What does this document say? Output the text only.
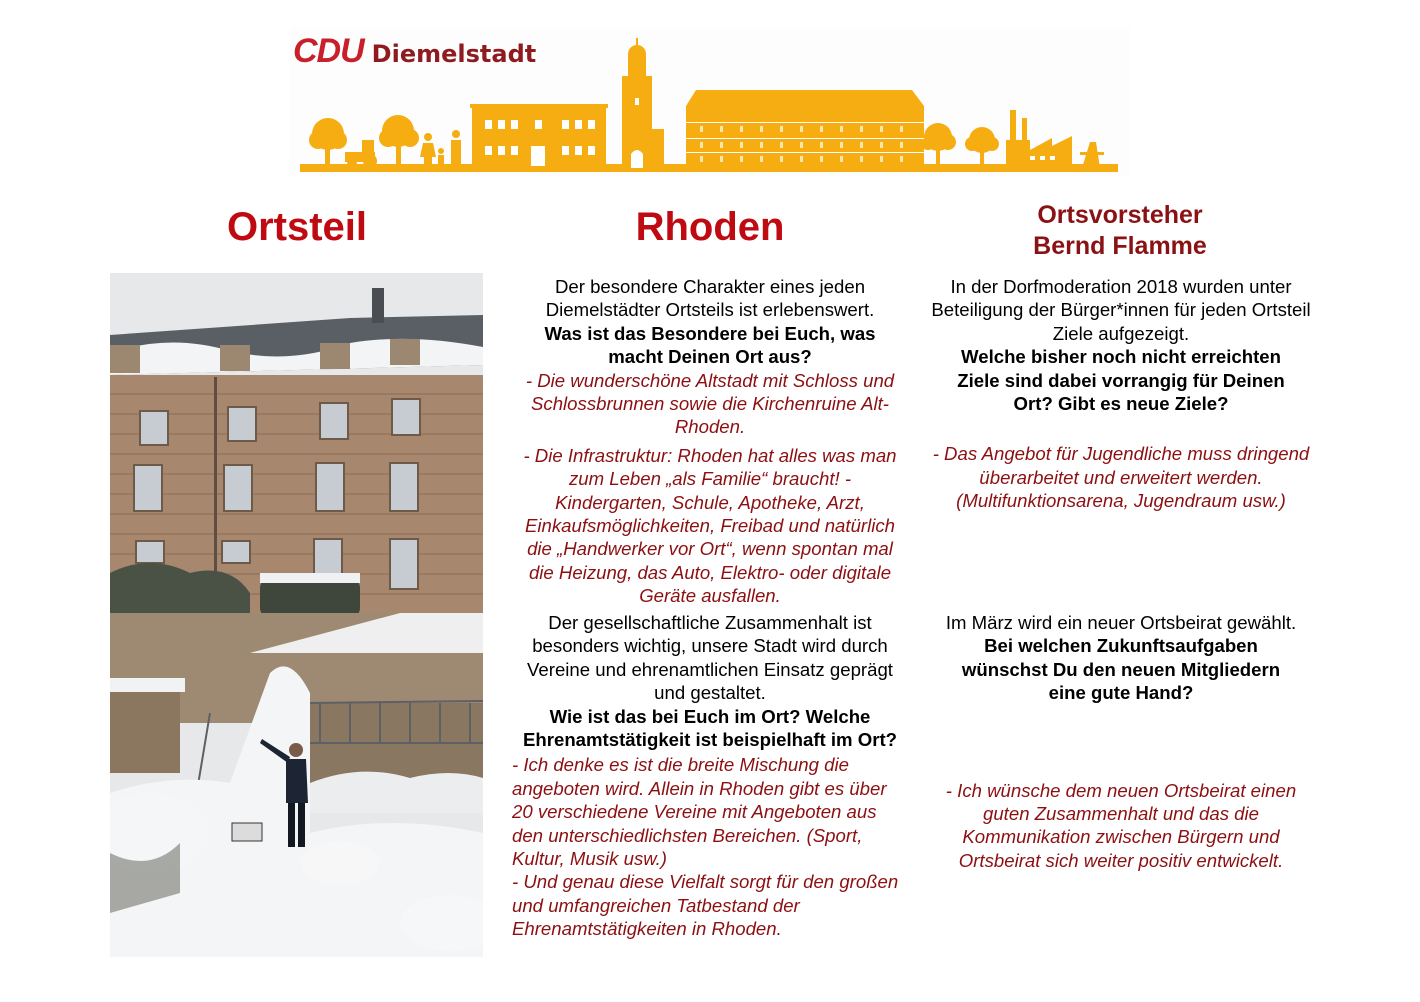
CDU Diemelstadt
Ortsteil	Rhoden	Ortsvorsteher
Bernd Flamme

Der besondere Charakter eines jeden Diemelstädter Ortsteils ist erlebenswert.

Was ist das Besondere bei Euch, was macht Deinen Ort aus?

- Die wunderschöne Altstadt mit Schloss und Schlossbrunnen sowie die Kirchenruine Alt-Rhoden.

- Die Infrastruktur: Rhoden hat alles was man zum Leben „als Familie“ braucht! - Kindergarten, Schule, Apotheke, Arzt, Einkaufsmöglichkeiten, Freibad und natürlich die „Handwerker vor Ort“, wenn spontan mal die Heizung, das Auto, Elektro- oder digitale Geräte ausfallen.

Der gesellschaftliche Zusammenhalt ist besonders wichtig, unsere Stadt wird durch Vereine und ehrenamtlichen Einsatz geprägt und gestaltet.

Wie ist das bei Euch im Ort? Welche Ehrenamtstätigkeit ist beispielhaft im Ort?

- Ich denke es ist die breite Mischung die angeboten wird. Allein in Rhoden gibt es über 20 verschiedene Vereine mit Angeboten aus den unterschiedlichsten Bereichen. (Sport, Kultur, Musik usw.)

- Und genau diese Vielfalt sorgt für den großen und umfangreichen Tatbestand der Ehrenamtstätigkeiten in Rhoden.

In der Dorfmoderation 2018 wurden unter Beteiligung der Bürger*innen für jeden Ortsteil Ziele aufgezeigt.

Welche bisher noch nicht erreichten Ziele sind dabei vorrangig für Deinen Ort? Gibt es neue Ziele?

- Das Angebot für Jugendliche muss dringend überarbeitet und erweitert werden. (Multifunktionsarena, Jugendraum usw.)

Im März wird ein neuer Ortsbeirat gewählt.

Bei welchen Zukunftsaufgaben wünschst Du den neuen Mitgliedern eine gute Hand?

- Ich wünsche dem neuen Ortsbeirat einen guten Zusammenhalt und das die Kommunikation zwischen Bürgern und Ortsbeirat sich weiter positiv entwickelt.
